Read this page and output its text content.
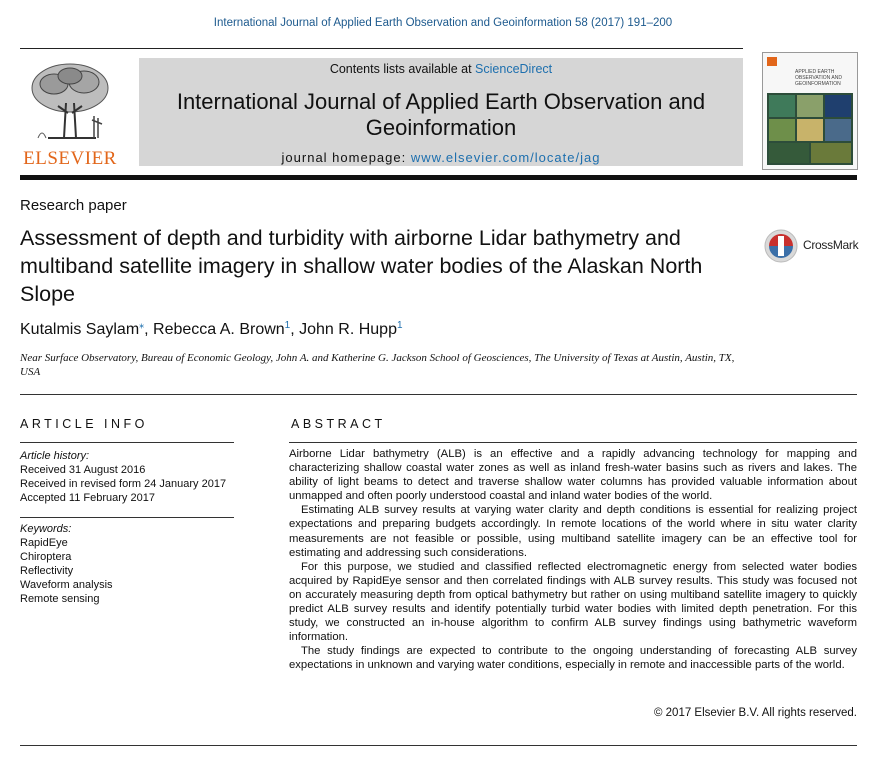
International Journal of Applied Earth Observation and Geoinformation 58 (2017) 191–200
ELSEVIER
Contents lists available at ScienceDirect
International Journal of Applied Earth Observation and Geoinformation
journal homepage: www.elsevier.com/locate/jag
APPLIED EARTH OBSERVATION AND GEOINFORMATION
Research paper
Assessment of depth and turbidity with airborne Lidar bathymetry and multiband satellite imagery in shallow water bodies of the Alaskan North Slope
CrossMark
Kutalmis Saylam⁎, Rebecca A. Brown$^1$, John R. Hupp$^1$
Near Surface Observatory, Bureau of Economic Geology, John A. and Katherine G. Jackson School of Geosciences, The University of Texas at Austin, Austin, TX, USA
ARTICLE INFO
Article history:
Received 31 August 2016
Received in revised form 24 January 2017
Accepted 11 February 2017
Keywords:
RapidEye
Chiroptera
Reflectivity
Waveform analysis
Remote sensing
ABSTRACT

Airborne Lidar bathymetry (ALB) is an effective and a rapidly advancing technology for mapping and characterizing shallow coastal water zones as well as inland fresh-water basins such as rivers and lakes. The ability of light beams to detect and traverse shallow water columns has provided valuable information about unmapped and often poorly understood coastal and inland water bodies of the world.

Estimating ALB survey results at varying water clarity and depth conditions is essential for realizing project expectations and preparing budgets accordingly. In remote locations of the world where in situ water clarity measurements are not feasible or possible, using multiband satellite imagery can be an effective tool for estimating and addressing such considerations.

For this purpose, we studied and classified reflected electromagnetic energy from selected water bodies acquired by RapidEye sensor and then correlated findings with ALB survey results. This study was focused not on accurately measuring depth from optical bathymetry but rather on using multiband satellite imagery to quickly predict ALB survey results and identify potentially turbid water bodies with limited depth penetration. For this study, we constructed an in-house algorithm to confirm ALB survey findings using bathymetric waveform information.

The study findings are expected to contribute to the ongoing understanding of forecasting ALB survey expectations in unknown and varying water conditions, especially in remote and inaccessible parts of the world.

© 2017 Elsevier B.V. All rights reserved.
